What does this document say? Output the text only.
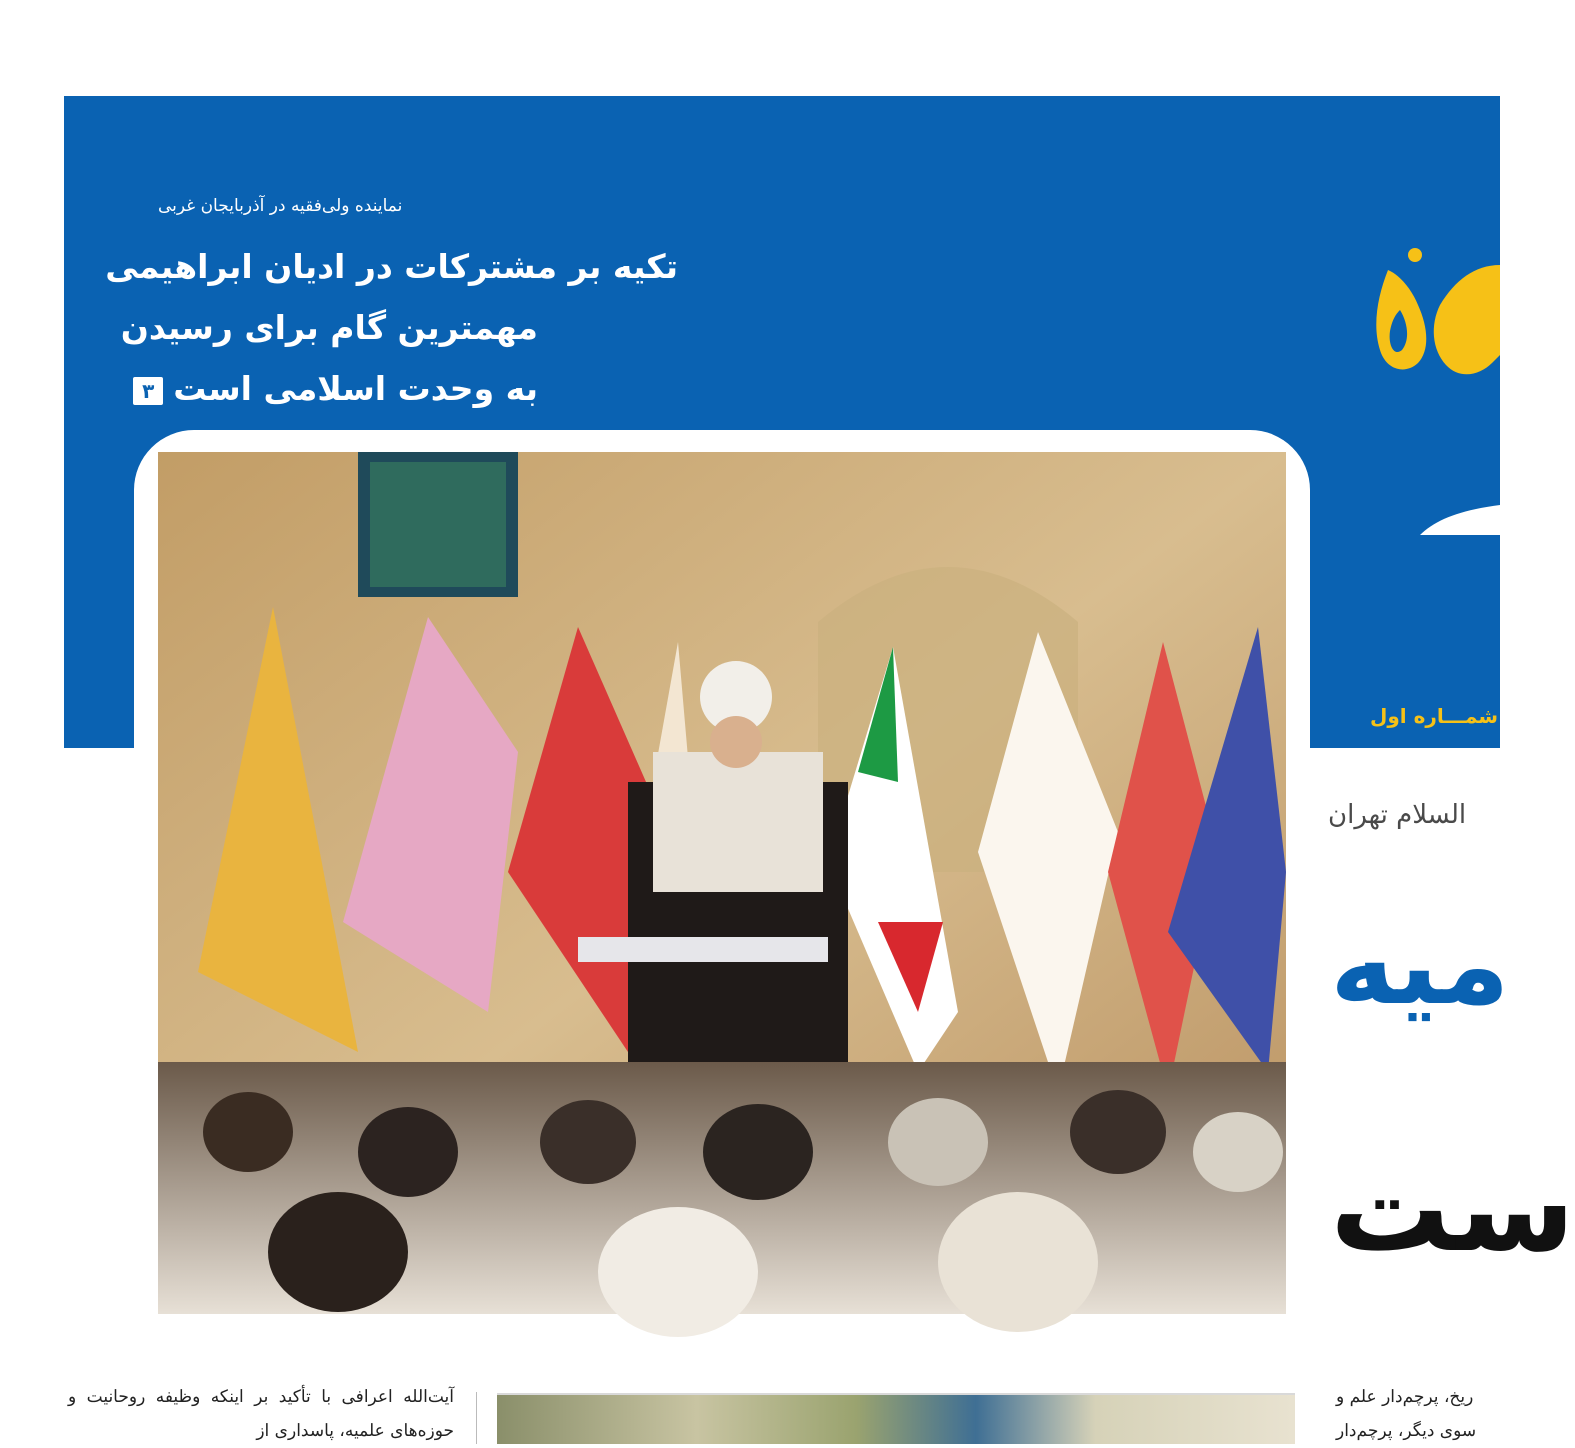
نماینده ولی‌فقیه در آذربایجان غربی
تکیه بر مشترکات در ادیان ابراهیمی
مهمترین گام برای رسیدن
به وحدت اسلامی است۳
شمـــاره اول
السلام تهران
میه
ست
آیت‌الله اعرافی با تأکید بر اینکه وظیفه روحانیت و حوزه‌های علمیه، پاسداری از
ریخ، پرچم‌دار علم و
سوی دیگر، پرچم‌دار
